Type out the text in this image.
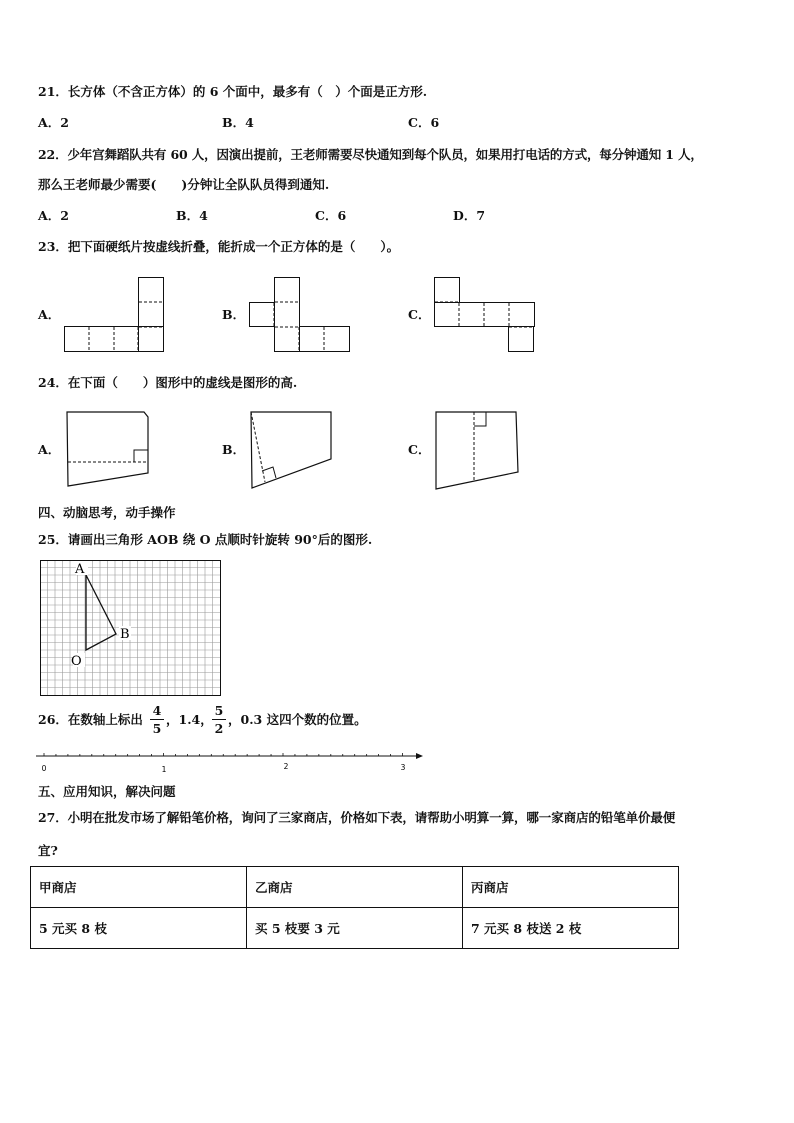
21．长方体（不含正方体）的 6 个面中，最多有（　）个面是正方形.
A．2	B．4	C．6
22．少年宫舞蹈队共有 60 人，因演出提前，王老师需要尽快通知到每个队员，如果用打电话的方式，每分钟通知 1 人，
那么王老师最少需要(　　)分钟让全队队员得到通知.
A．2	B．4	C．6	D．7
23．把下面硬纸片按虚线折叠，能折成一个正方体的是（　　）。
A．	B．	C．
24．在下面（　　）图形中的虚线是图形的高.
A．	B．	C．
四、动脑思考，动手操作
25．请画出三角形 AOB 绕 O 点顺时针旋转 90°后的图形.
A
O
B
26．在数轴上标出
4
5
，1.4，
5
2
，0.3 这四个数的位置。
0	1	2	3
五、应用知识，解决问题
27．小明在批发市场了解铅笔价格，询问了三家商店，价格如下表，请帮助小明算一算，哪一家商店的铅笔单价最便
宜?
甲商店	乙商店	丙商店
5 元买 8 枝	买 5 枝要 3 元	7 元买 8 枝送 2 枝
